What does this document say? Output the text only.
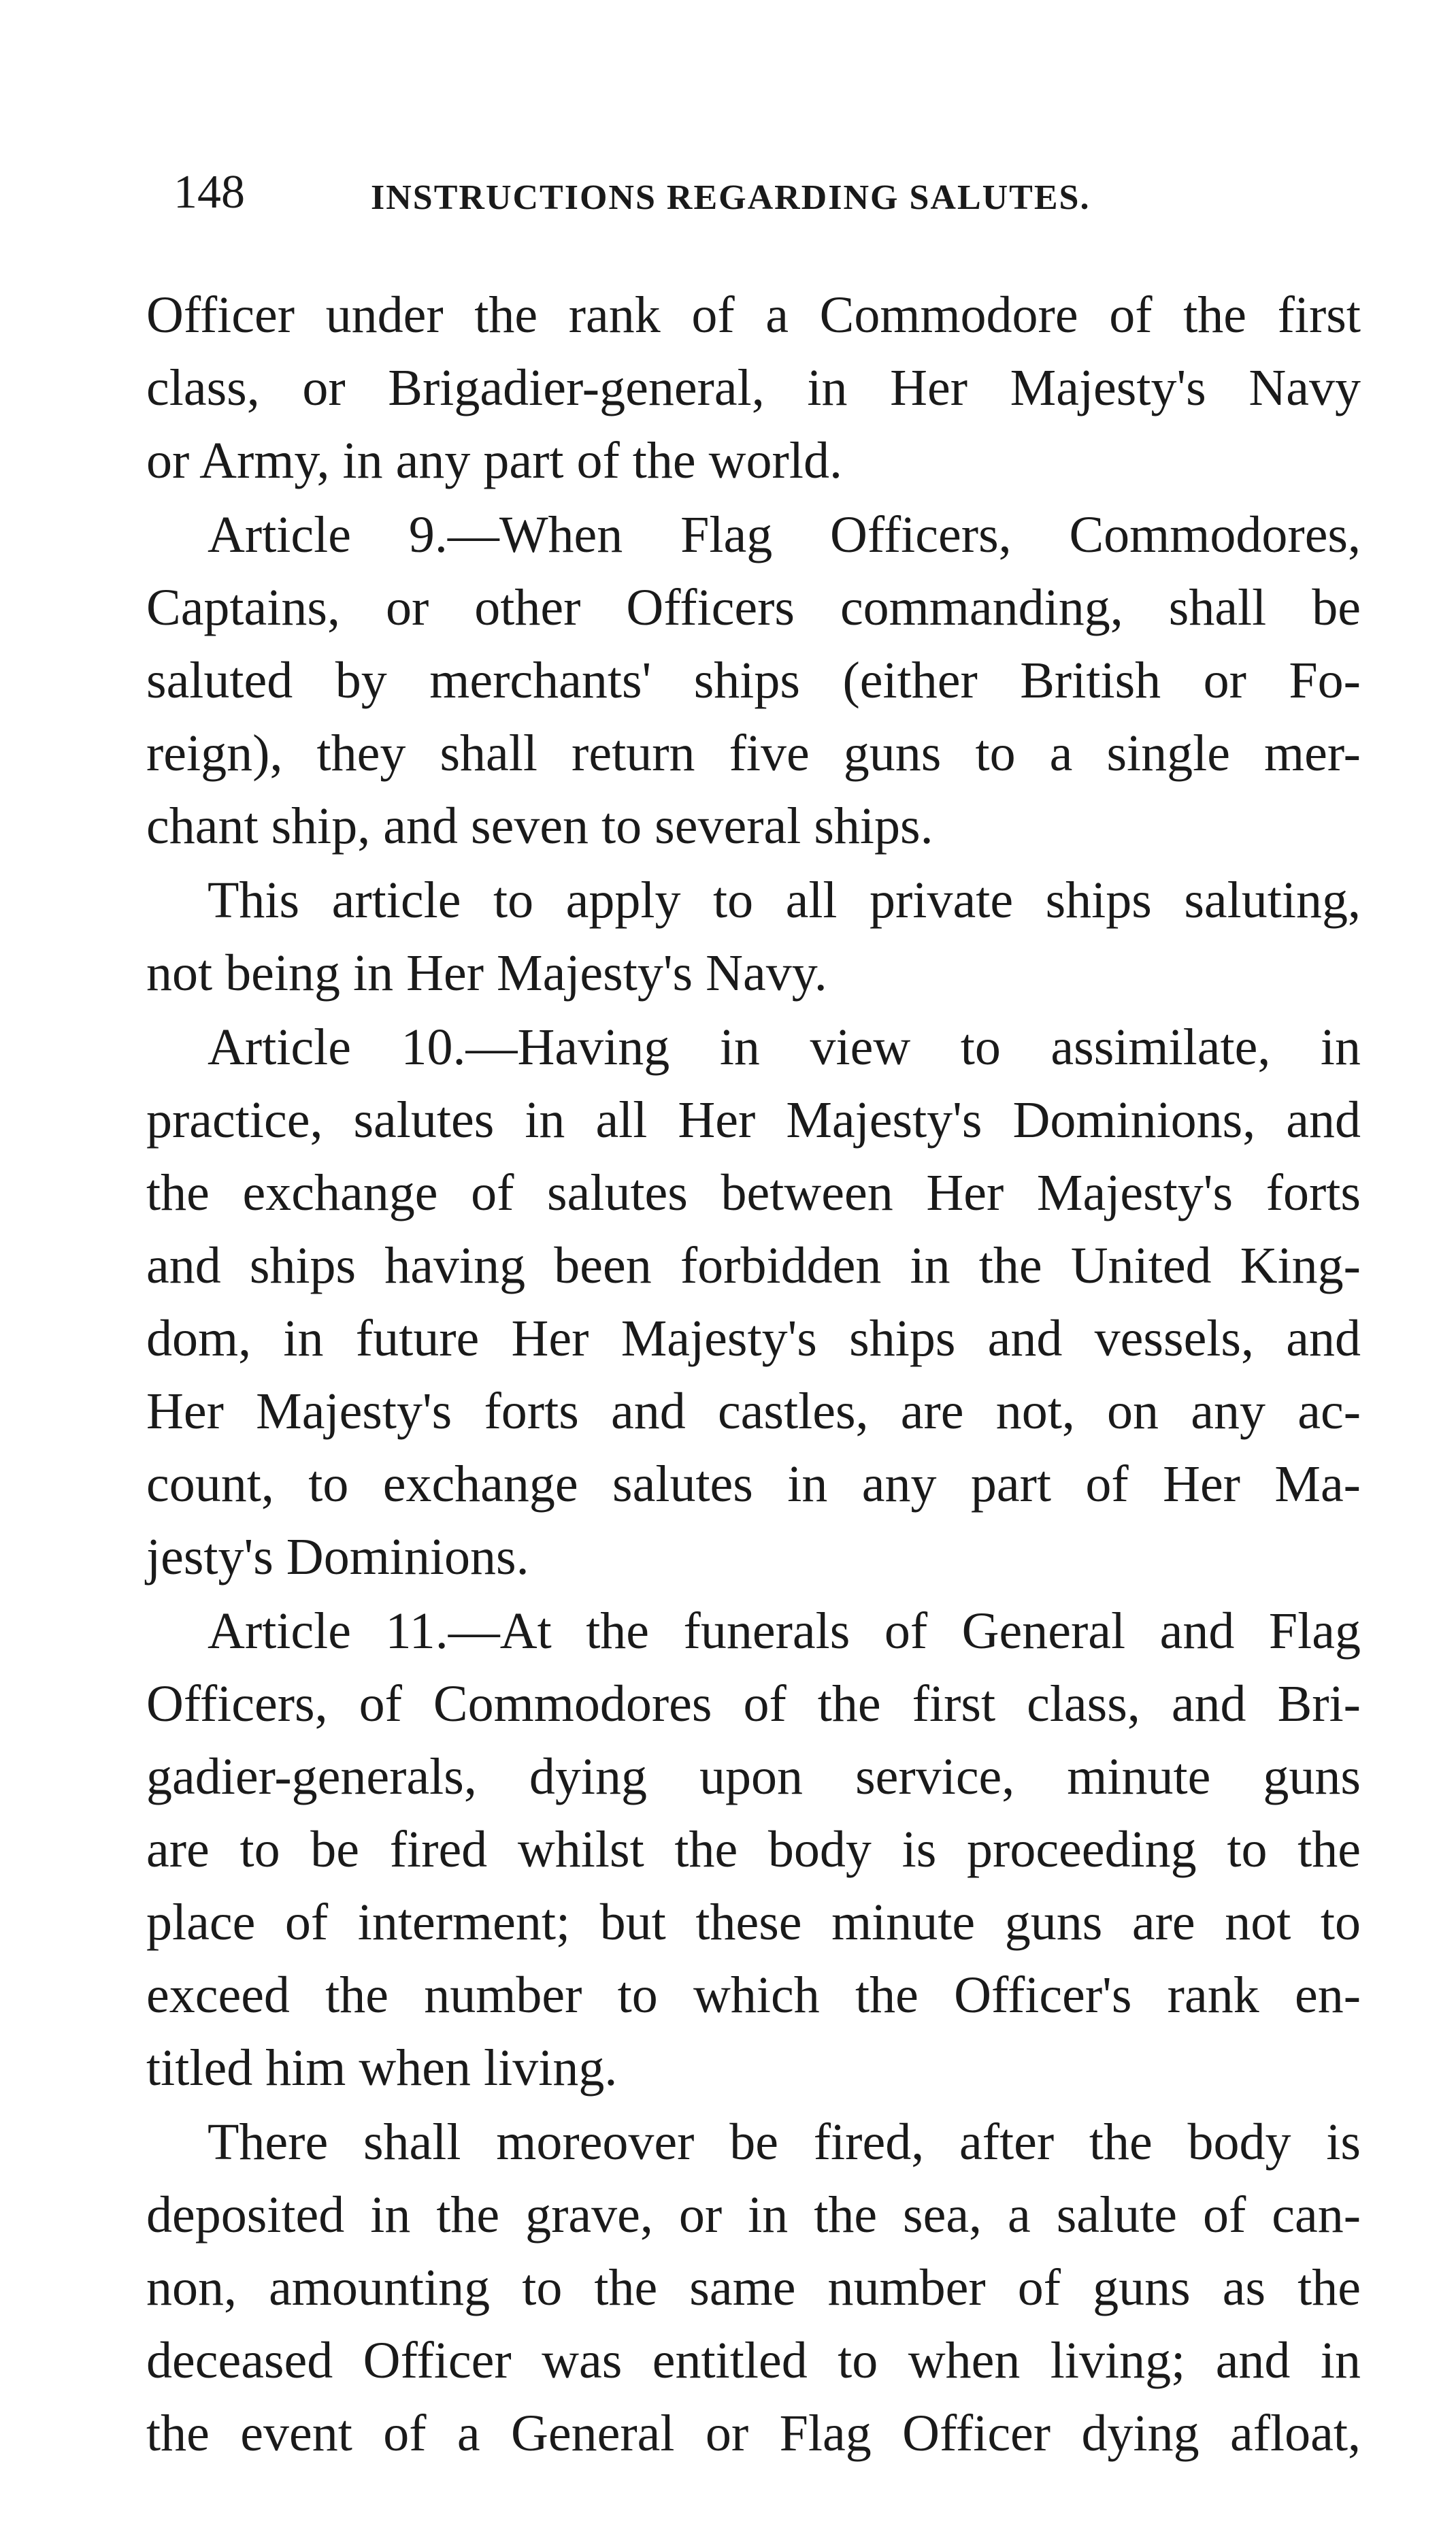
148	INSTRUCTIONS REGARDING SALUTES.
Officer under the rank of a Commodore of the first
class, or Brigadier-general, in Her Majesty's Navy
or Army, in any part of the world.
Article 9.—When Flag Officers, Commodores,
Captains, or other Officers commanding, shall be
saluted by merchants' ships (either British or Fo-
reign), they shall return five guns to a single mer-
chant ship, and seven to several ships.
This article to apply to all private ships saluting,
not being in Her Majesty's Navy.
Article 10.—Having in view to assimilate, in
practice, salutes in all Her Majesty's Dominions, and
the exchange of salutes between Her Majesty's forts
and ships having been forbidden in the United King-
dom, in future Her Majesty's ships and vessels, and
Her Majesty's forts and castles, are not, on any ac-
count, to exchange salutes in any part of Her Ma-
jesty's Dominions.
Article 11.—At the funerals of General and Flag
Officers, of Commodores of the first class, and Bri-
gadier-generals, dying upon service, minute guns
are to be fired whilst the body is proceeding to the
place of interment; but these minute guns are not to
exceed the number to which the Officer's rank en-
titled him when living.
There shall moreover be fired, after the body is
deposited in the grave, or in the sea, a salute of can-
non, amounting to the same number of guns as the
deceased Officer was entitled to when living; and in
the event of a General or Flag Officer dying afloat,
